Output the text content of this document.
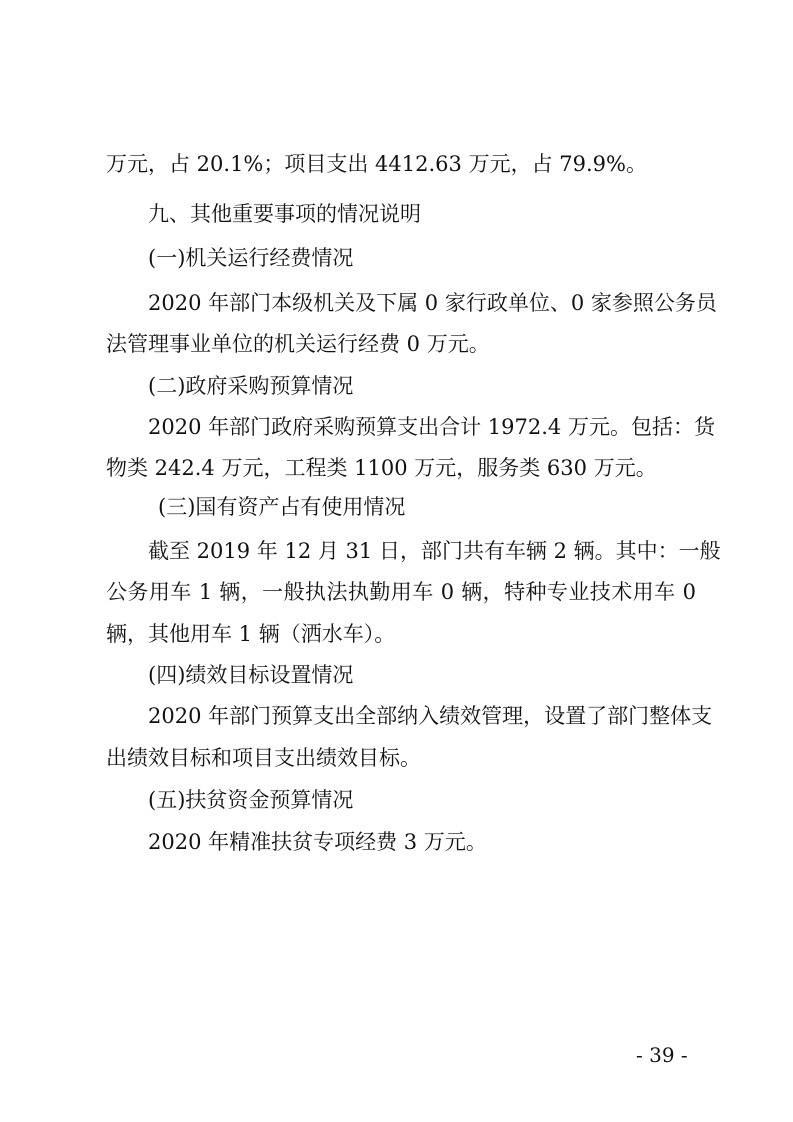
万元，占 20.1%；项目支出 4412.63 万元，占 79.9%。
九、其他重要事项的情况说明
(一)机关运行经费情况
2020 年部门本级机关及下属 0 家行政单位、0 家参照公务员
法管理事业单位的机关运行经费 0 万元。
(二)政府采购预算情况
2020 年部门政府采购预算支出合计 1972.4 万元。包括：货
物类 242.4 万元，工程类 1100 万元，服务类 630 万元。
(三)国有资产占有使用情况
截至 2019 年 12 月 31 日，部门共有车辆 2 辆。其中：一般
公务用车 1 辆，一般执法执勤用车 0 辆，特种专业技术用车 0
辆，其他用车 1 辆（洒水车）。
(四)绩效目标设置情况
2020 年部门预算支出全部纳入绩效管理，设置了部门整体支
出绩效目标和项目支出绩效目标。
(五)扶贫资金预算情况
2020 年精准扶贫专项经费 3 万元。
- 39 -
